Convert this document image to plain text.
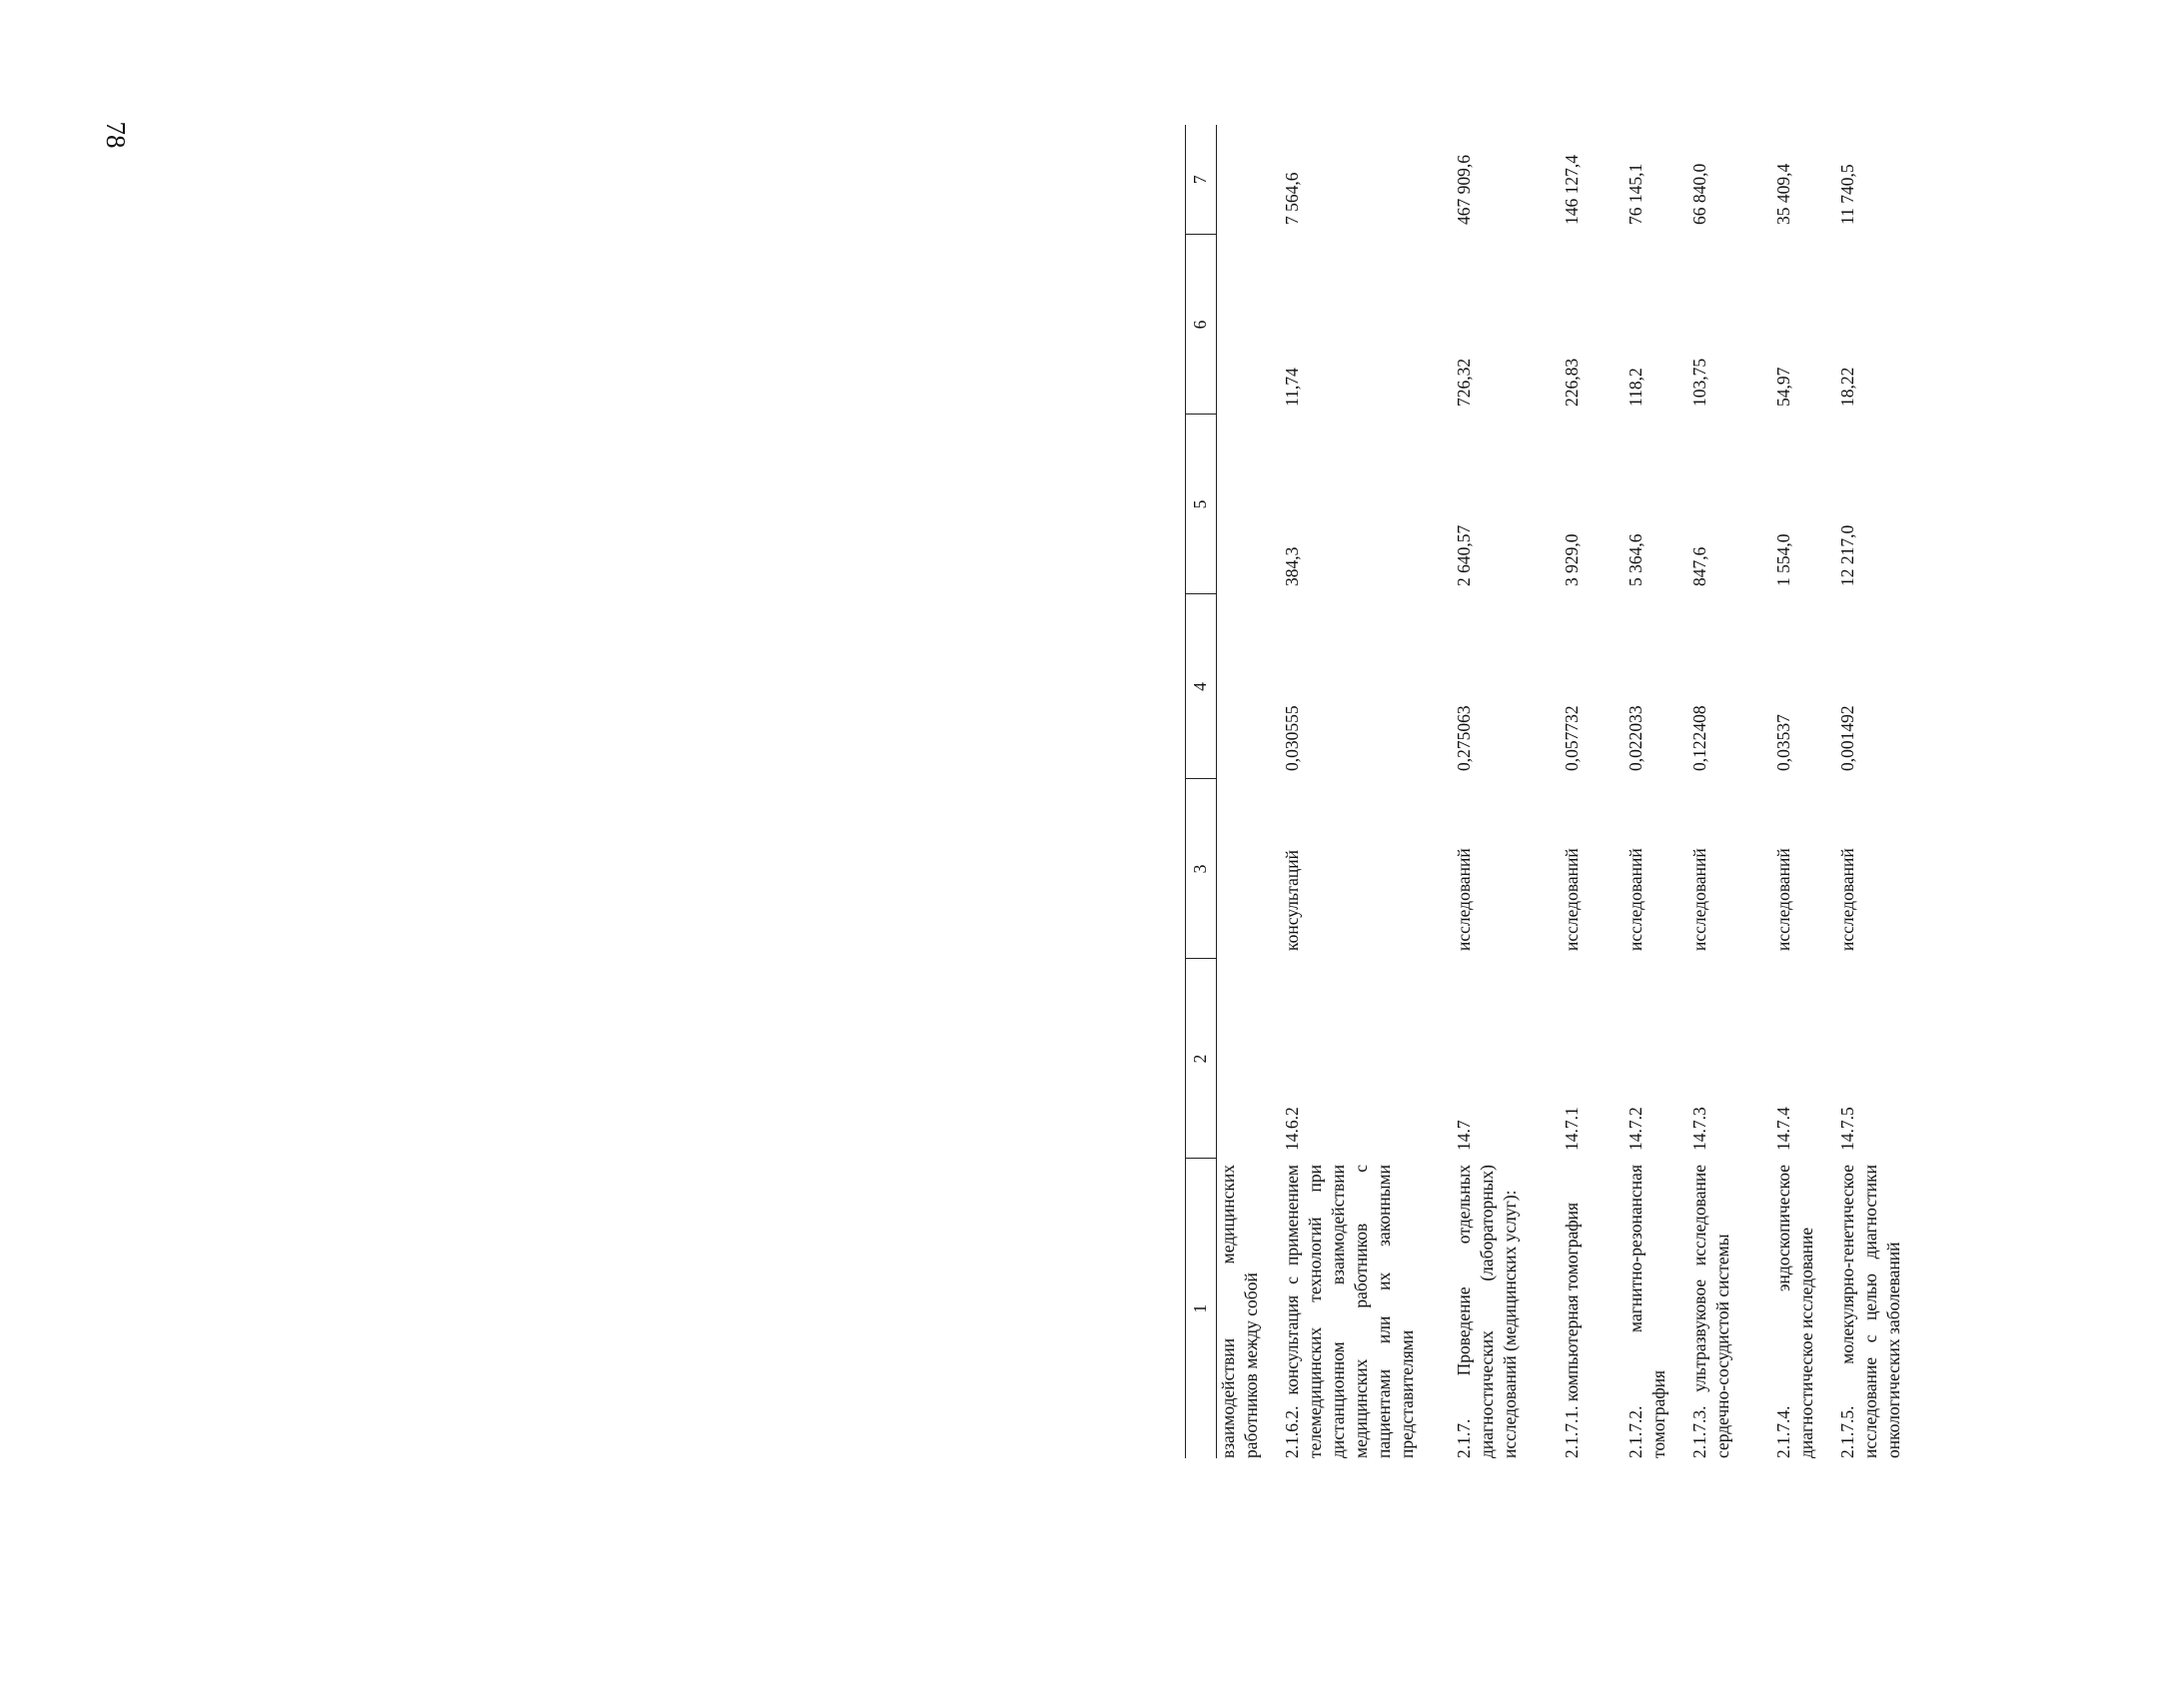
78
1	2	3	4	5	6	7
взаимодействии медицинских работников между собой						
2.1.6.2. консультация с применением телемедицинских технологий при дистанционном взаимодействии медицинских работников с пациентами или их законными представителями	14.6.2	консультаций	0,030555	384,3	11,74	7 564,6
2.1.7. Проведение отдельных диагностических (лабораторных) исследований (медицинских услуг):	14.7	исследований	0,275063	2 640,57	726,32	467 909,6
2.1.7.1. компьютерная томография	14.7.1	исследований	0,057732	3 929,0	226,83	146 127,4
2.1.7.2. магнитно-резонансная томография	14.7.2	исследований	0,022033	5 364,6	118,2	76 145,1
2.1.7.3. ультразвуковое исследование сердечно-сосудистой системы	14.7.3	исследований	0,122408	847,6	103,75	66 840,0
2.1.7.4. эндоскопическое диагностическое исследование	14.7.4	исследований	0,03537	1 554,0	54,97	35 409,4
2.1.7.5. молекулярно-генетическое исследование с целью диагностики онкологических заболеваний	14.7.5	исследований	0,001492	12 217,0	18,22	11 740,5
